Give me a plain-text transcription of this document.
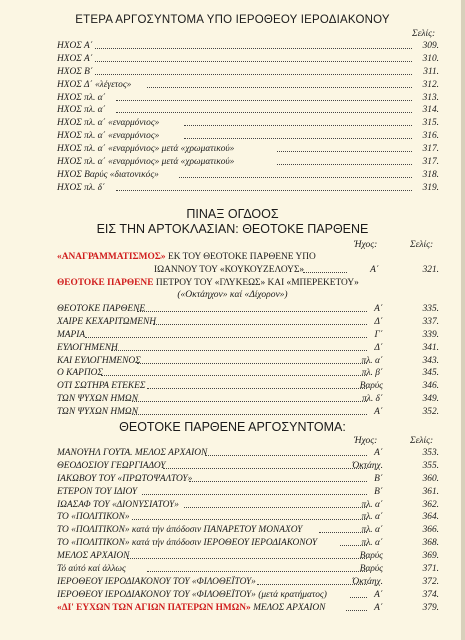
ΕΤΕΡΑ ΑΡΓΟΣΥΝΤΟΜΑ ΥΠΟ ΙΕΡΟΘΕΟΥ ΙΕΡΟΔΙΑΚΟΝΟΥ
Σελίς:
ΗΧΟΣ Α΄	309.
ΗΧΟΣ Α΄	310.
ΗΧΟΣ Β΄	311.
ΗΧΟΣ Δ΄ «λέγετος»	312.
ΗΧΟΣ πλ. α΄	313.
ΗΧΟΣ πλ. α΄	314.
ΗΧΟΣ πλ. α΄ «εναρμόνιος»	315.
ΗΧΟΣ πλ. α΄ «εναρμόνιος»	316.
ΗΧΟΣ πλ. α΄ «εναρμόνιος» μετά «χρωματικού»	317.
ΗΧΟΣ πλ. α΄ «εναρμόνιος» μετά «χρωματικού»	317.
ΗΧΟΣ Βαρύς «διατονικός»	318.
ΗΧΟΣ πλ. δ΄	319.
ΠΙΝΑΞ ΟΓΔΟΟΣ
ΕΙΣ ΤΗΝ ΑΡΤΟΚΛΑΣΙΑΝ: ΘΕΟΤΟΚΕ ΠΑΡΘΕΝΕ
Ήχος:	Σελίς:
«ΑΝΑΓΡΑΜΜΑΤΙΣΜΟΣ» ΕΚ ΤΟΥ ΘΕΟΤΟΚΕ ΠΑΡΘΕΝΕ ΥΠΟ
ΙΩΑΝΝΟΥ ΤΟΥ «ΚΟΥΚΟΥΖΕΛΟΥΣ»	Α΄	321.
ΘΕΟΤΟΚΕ ΠΑΡΘΕΝΕ ΠΕΤΡΟΥ ΤΟΥ «ΓΛΥΚΕΩΣ» ΚΑΙ «ΜΠΕΡΕΚΕΤΟΥ»
(«Οκτάηχον» καί «Δίχορον»)
ΘΕΟΤΟΚΕ ΠΑΡΘΕΝΕ	Α΄	335.
ΧΑΙΡΕ ΚΕΧΑΡΙΤΩΜΕΝΗ	Δ΄	337.
ΜΑΡΙΑ	Γ΄	339.
ΕΥΛΟΓΗΜΕΝΗ	Δ΄	341.
ΚΑΙ ΕΥΛΟΓΗΜΕΝΟΣ	πλ. α΄	343.
Ο ΚΑΡΠΟΣ	πλ. β΄	345.
ΟΤΙ ΣΩΤΗΡΑ ΕΤΕΚΕΣ	Βαρύς	346.
ΤΩΝ ΨΥΧΩΝ ΗΜΩΝ	πλ. δ΄	349.
ΤΩΝ ΨΥΧΩΝ ΗΜΩΝ	Α΄	352.
ΘΕΟΤΟΚΕ ΠΑΡΘΕΝΕ ΑΡΓΟΣΥΝΤΟΜΑ:
Ήχος:	Σελίς:
ΜΑΝΟΥΗΛ ΓΟΥΤΑ. ΜΕΛΟΣ ΑΡΧΑΙΟΝ	Α΄	353.
ΘΕΟΔΟΣΙΟΥ ΓΕΩΡΓΙΑΔΟΥ	Όκτάηχ.	355.
ΙΑΚΩΒΟΥ ΤΟΥ «ΠΡΩΤΟΨΑΛΤΟΥ»	Β΄	360.
ΕΤΕΡΟΝ ΤΟΥ ΙΔΙΟΥ	Β΄	361.
ΙΩΑΣΑΦ ΤΟΥ «ΔΙΟΝΥΣΙΑΤΟΥ»	πλ. α΄	362.
ΤΟ «ΠΟΛΙΤΙΚΟΝ»	πλ. α΄	364.
ΤΟ «ΠΟΛΙΤΙΚΟΝ» κατά τήν άπόδοσιν ΠΑΝΑΡΕΤΟΥ ΜΟΝΑΧΟΥ	πλ. α΄	366.
ΤΟ «ΠΟΛΙΤΙΚΟΝ» κατά τήν άπόδοσιν ΙΕΡΟΘΕΟΥ ΙΕΡΟΔΙΑΚΟΝΟΥ	πλ. α΄	368.
ΜΕΛΟΣ ΑΡΧΑΙΟΝ	Βαρύς	369.
Τό αύτό καί άλλως	Βαρύς	371.
ΙΕΡΟΘΕΟΥ ΙΕΡΟΔΙΑΚΟΝΟΥ ΤΟΥ «ΦΙΛΟΘΕΪΤΟΥ»	Όκτάηχ.	372.
ΙΕΡΟΘΕΟΥ ΙΕΡΟΔΙΑΚΟΝΟΥ ΤΟΥ «ΦΙΛΟΘΕΪΤΟΥ» (μετά κρατήματος)	Α΄	374.
«ΔΙ' ΕΥΧΩΝ ΤΩΝ ΑΓΙΩΝ ΠΑΤΕΡΩΝ ΗΜΩΝ» ΜΕΛΟΣ ΑΡΧΑΙΟΝ	Α΄	379.
